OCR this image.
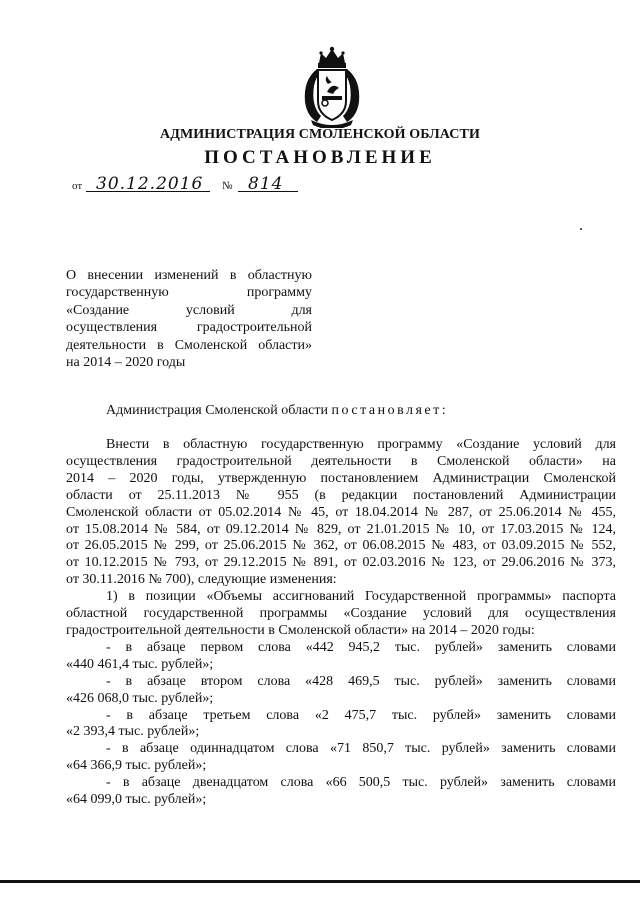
АДМИНИСТРАЦИЯ СМОЛЕНСКОЙ ОБЛАСТИ
ПОСТАНОВЛЕНИЕ
от 30.12.2016 № 814
О внесении изменений в областную
государственную программу
«Создание условий для
осуществления градостроительной
деятельности в Смоленской области»
на 2014 – 2020 годы
Администрация Смоленской области постановляет:
Внести в областную государственную программу «Создание условий для
осуществления градостроительной деятельности в Смоленской области» на
2014 – 2020 годы, утвержденную постановлением Администрации Смоленской
области от 25.11.2013 № 955 (в редакции постановлений Администрации
Смоленской области от 05.02.2014 № 45, от 18.04.2014 № 287, от 25.06.2014 № 455,
от 15.08.2014 № 584, от 09.12.2014 № 829, от 21.01.2015 № 10, от 17.03.2015 № 124,
от 26.05.2015 № 299, от 25.06.2015 № 362, от 06.08.2015 № 483, от 03.09.2015 № 552,
от 10.12.2015 № 793, от 29.12.2015 № 891, от 02.03.2016 № 123, от 29.06.2016 № 373,
от 30.11.2016 № 700), следующие изменения:
1) в позиции «Объемы ассигнований Государственной программы» паспорта
областной государственной программы «Создание условий для осуществления
градостроительной деятельности в Смоленской области» на 2014 – 2020 годы:
- в абзаце первом слова «442 945,2 тыс. рублей» заменить словами
«440 461,4 тыс. рублей»;
- в абзаце втором слова «428 469,5 тыс. рублей» заменить словами
«426 068,0 тыс. рублей»;
- в абзаце третьем слова «2 475,7 тыс. рублей» заменить словами
«2 393,4 тыс. рублей»;
- в абзаце одиннадцатом слова «71 850,7 тыс. рублей» заменить словами
«64 366,9 тыс. рублей»;
- в абзаце двенадцатом слова «66 500,5 тыс. рублей» заменить словами
«64 099,0 тыс. рублей»;
